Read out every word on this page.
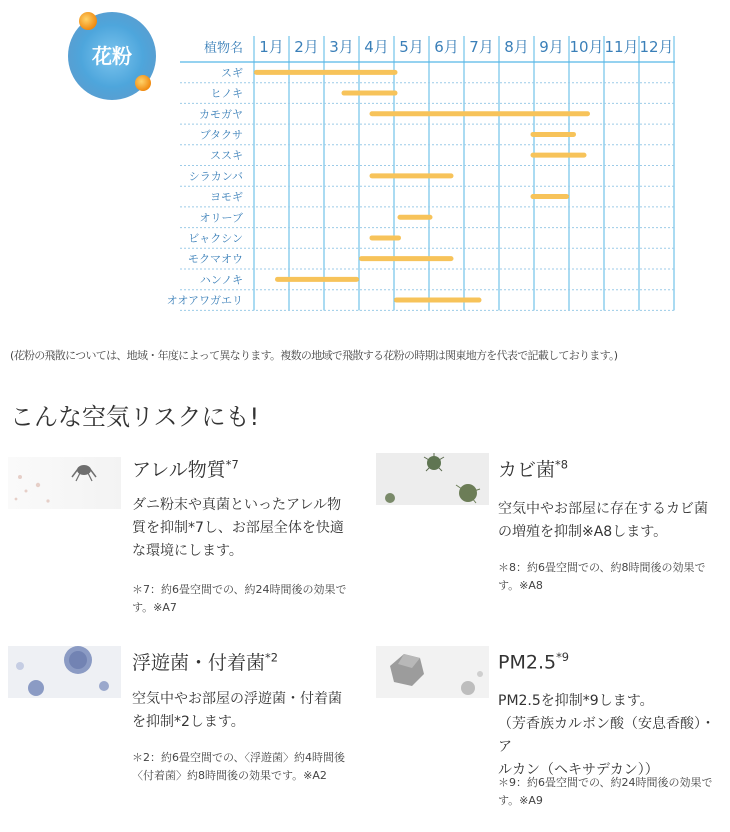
花粉	植物名 1月 2月 3月 4月 5月 6月 7月 8月 9月 10月 11月 12月
スギ
ヒノキ
カモガヤ
ブタクサ
ススキ
シラカンバ
ヨモギ
オリーブ
ビャクシン
モクマオウ
ハンノキ
オオアワガエリ
(花粉の飛散については、地域・年度によって異なります。複数の地域で飛散する花粉の時期は関東地方を代表で記載しております。)
こんな空気リスクにも!
アレル物質$^{*7}$
ダニ粉末や真菌といったアレル物
質を抑制*7し、お部屋全体を快適
な環境にします。
＊7：約6畳空間での、約24時間後の効果で
す。※A7
カビ菌$^{*8}$
空気中やお部屋に存在するカビ菌
の増殖を抑制※A8します。
＊8：約6畳空間での、約8時間後の効果で
す。※A8
浮遊菌・付着菌$^{*2}$
空気中やお部屋の浮遊菌・付着菌
を抑制*2します。
＊2：約6畳空間での、〈浮遊菌〉約4時間後
〈付着菌〉約8時間後の効果です。※A2
PM2.5$^{*9}$
PM2.5を抑制*9します。
（芳香族カルボン酸（安息香酸）・ア
ルカン（ヘキサデカン））
＊9：約6畳空間での、約24時間後の効果で
す。※A9
